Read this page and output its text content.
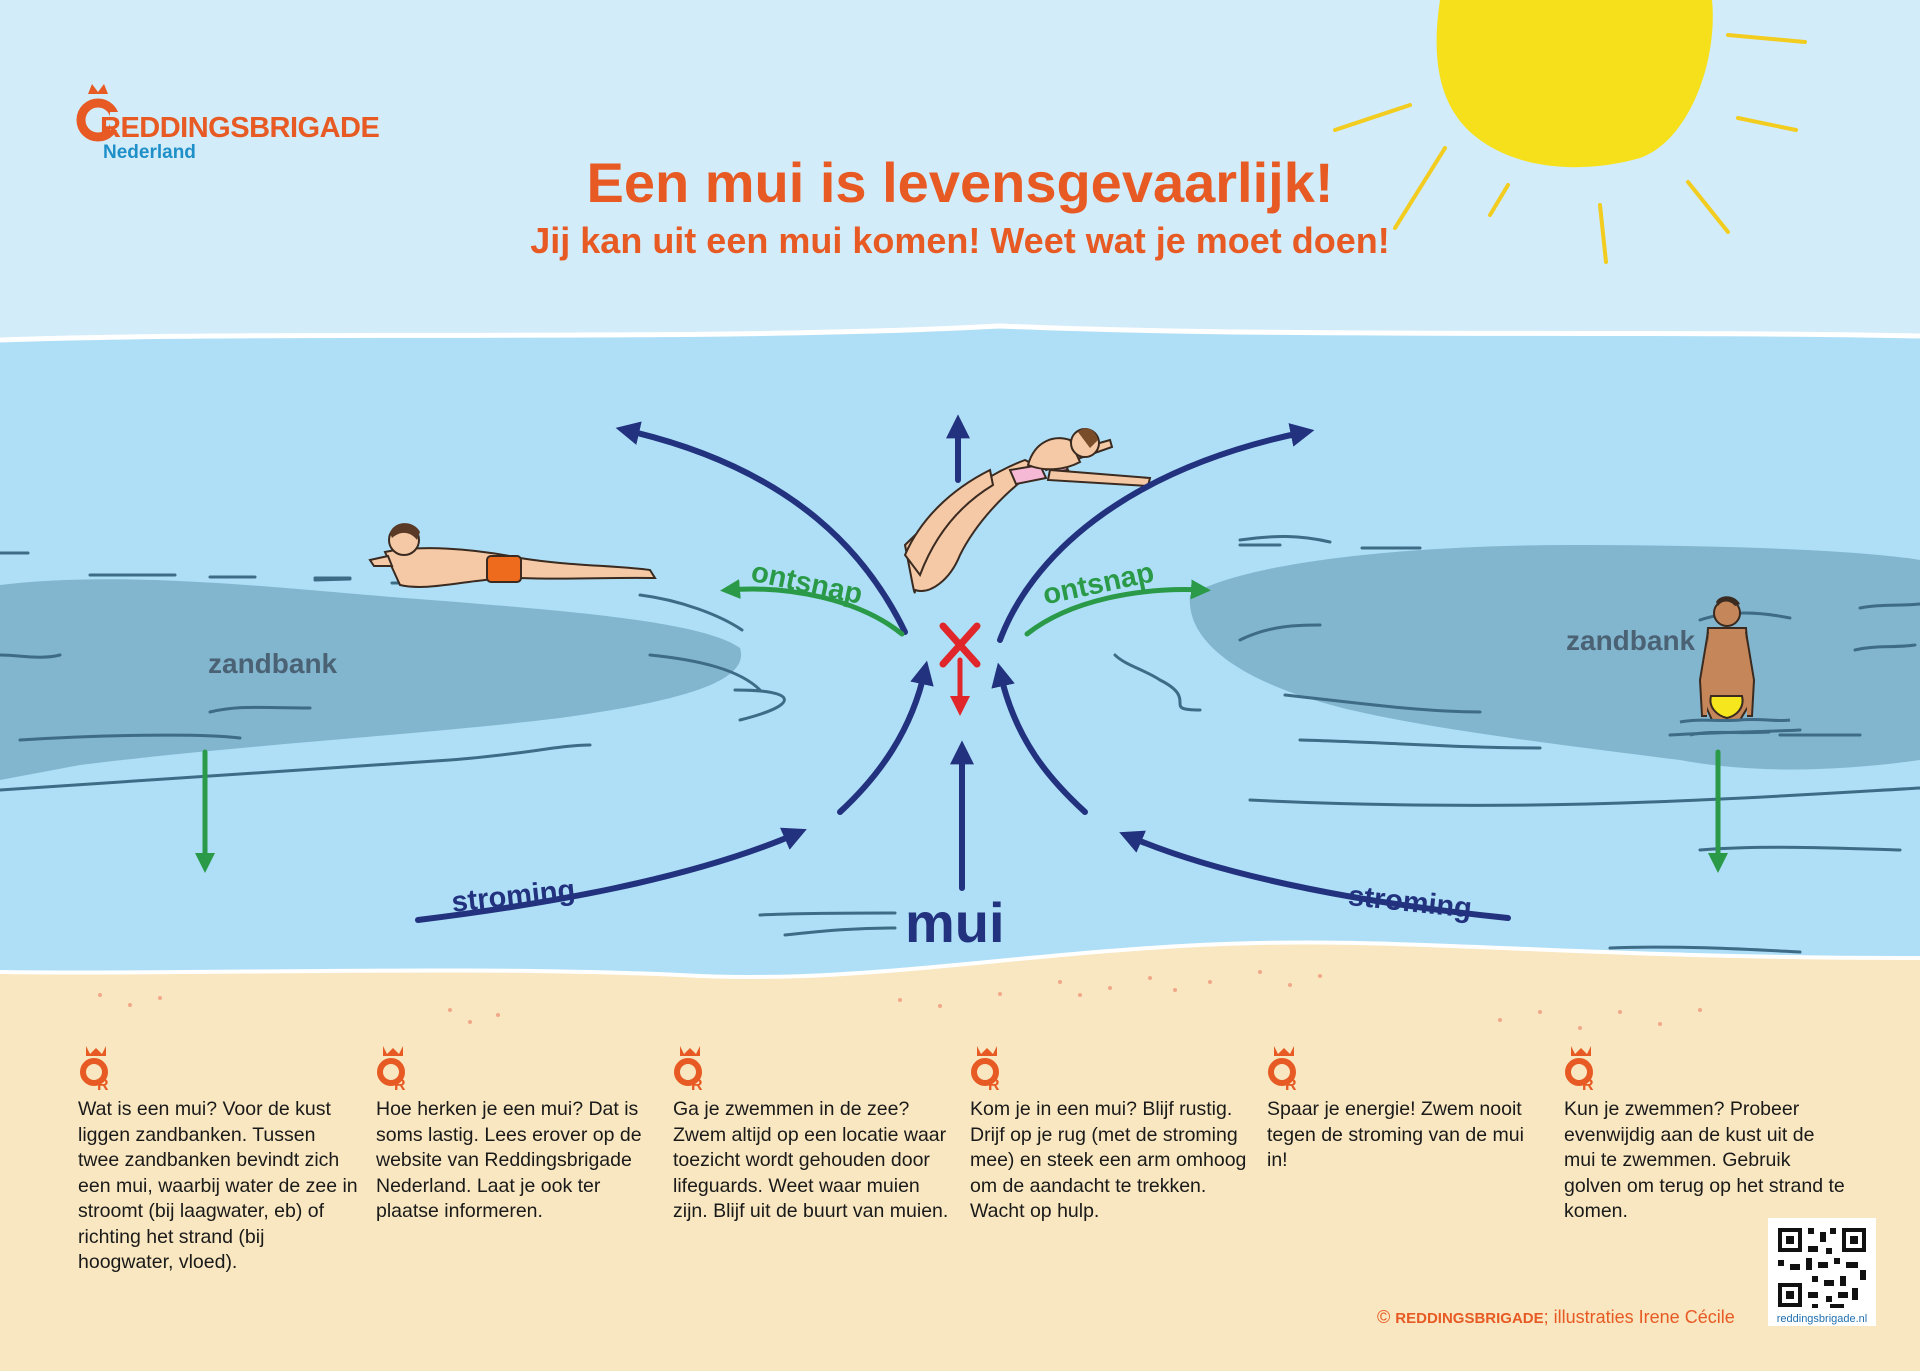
R	R	R	R	R	R
REDDINGSBRIGADE
Nederland	Een mui is levensgevaarlijk!
Jij kan uit een mui komen! Weet wat je moet doen!
zandbank
zandbank
ontsnap	ontsnap
stroming	stroming
mui
Wat is een mui? Voor de kust liggen zandbanken. Tussen twee zandbanken bevindt zich een mui, waarbij water de zee in stroomt (bij laagwater, eb) of richting het strand (bij hoogwater, vloed).
Hoe herken je een mui? Dat is soms lastig. Lees erover op de website van Reddingsbrigade Nederland. Laat je ook ter plaatse informeren.
Ga je zwemmen in de zee? Zwem altijd op een locatie waar toezicht wordt gehouden door lifeguards. Weet waar muien zijn. Blijf uit de buurt van muien.
Kom je in een mui? Blijf rustig. Drijf op je rug (met de stroming mee) en steek een arm omhoog om de aandacht te trekken. Wacht op hulp.
Spaar je energie! Zwem nooit tegen de stroming van de mui in!
Kun je zwemmen? Probeer evenwijdig aan de kust uit de mui te zwemmen. Gebruik golven om terug op het strand te komen.
© REDDINGSBRIGADE; illustraties Irene Cécile	reddingsbrigade.nl
